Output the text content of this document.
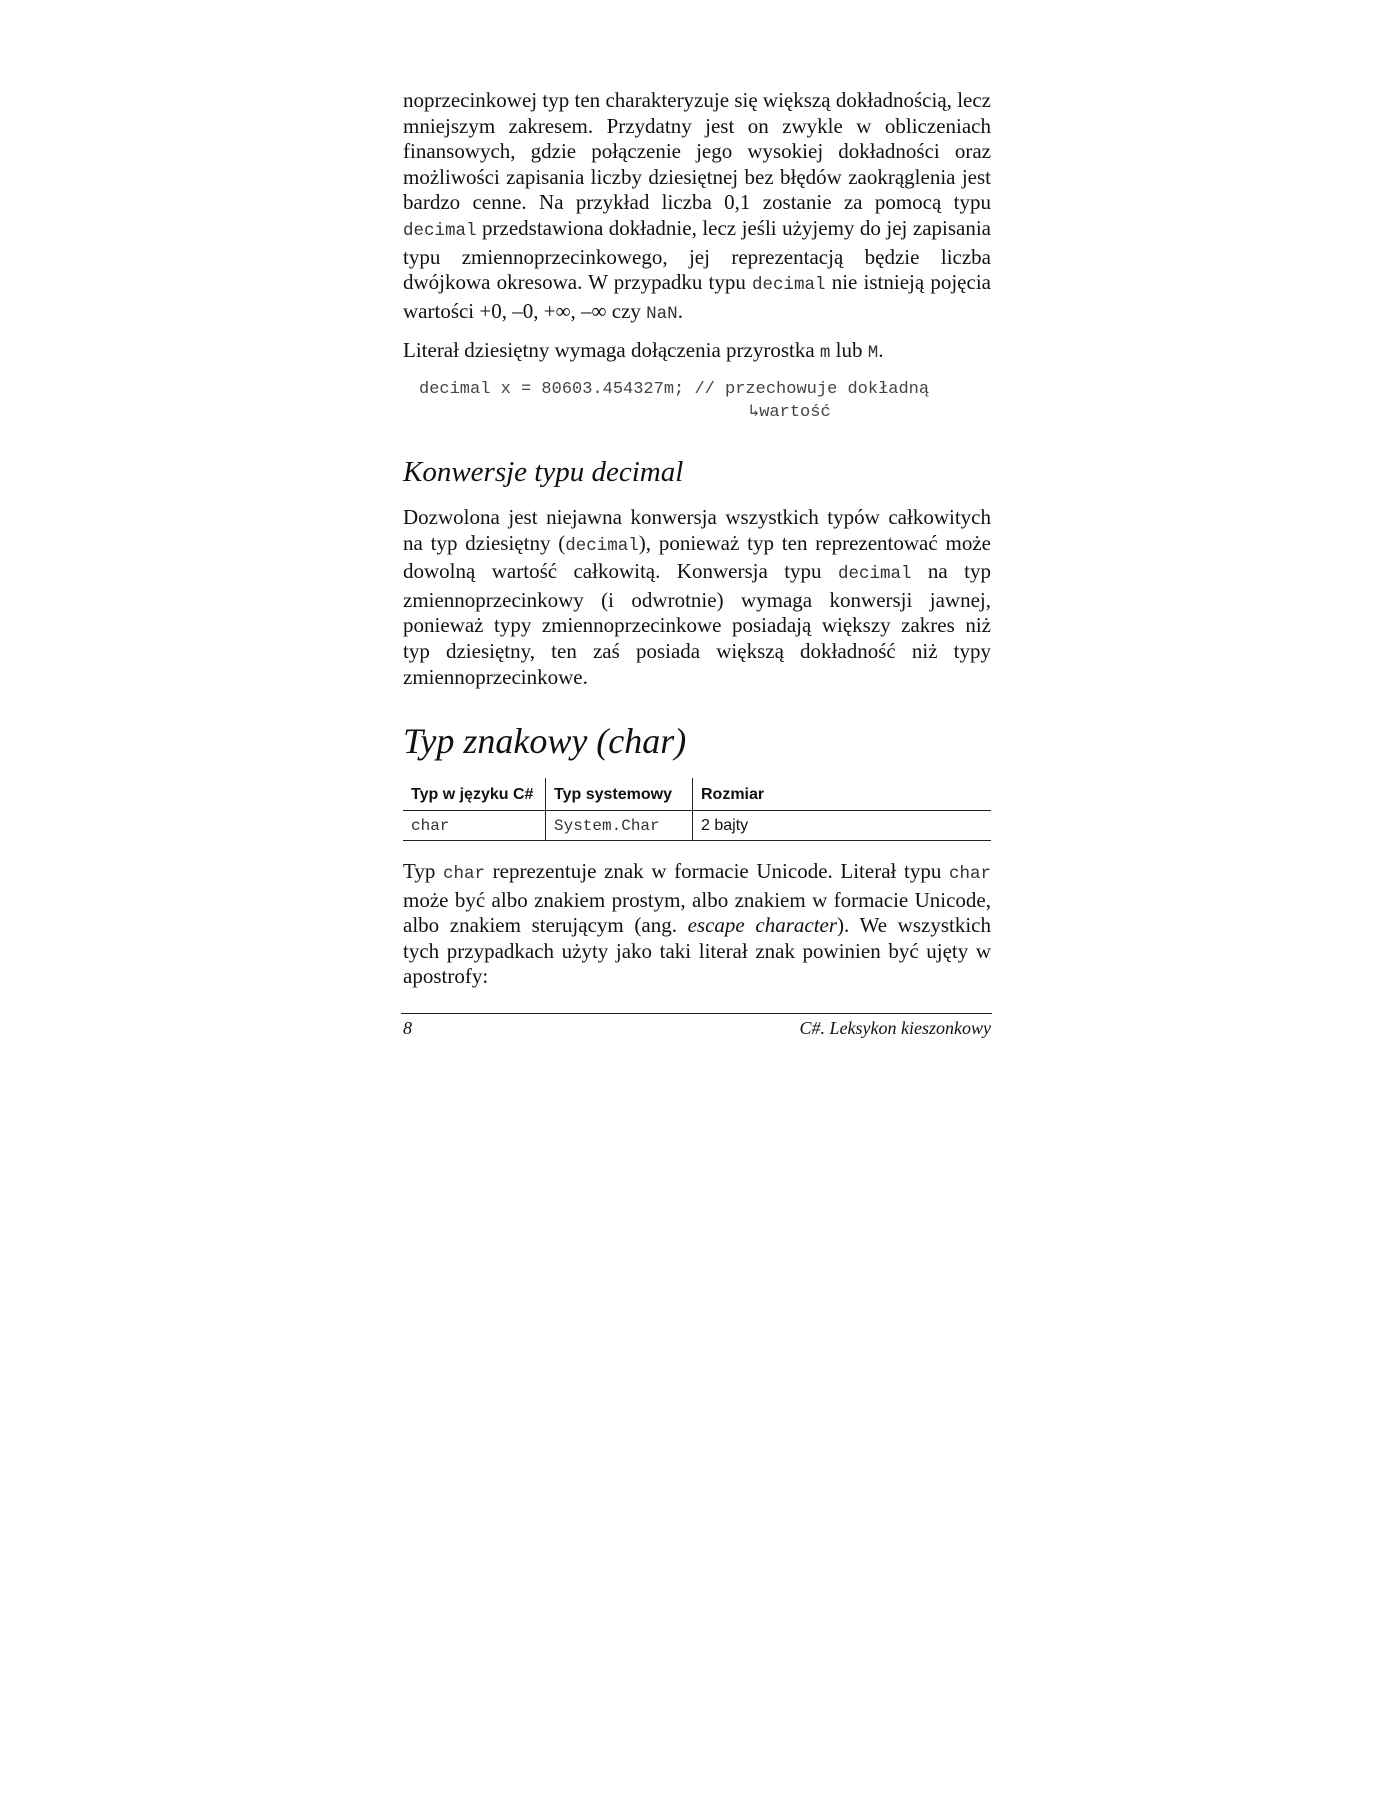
noprzecinkowej typ ten charakteryzuje się większą dokładnością, lecz mniejszym zakresem. Przydatny jest on zwykle w obliczeniach finansowych, gdzie połączenie jego wysokiej dokładności oraz możliwości zapisania liczby dziesiętnej bez błędów zaokrąglenia jest bardzo cenne. Na przykład liczba 0,1 zostanie za pomocą typu decimal przedstawiona dokładnie, lecz jeśli użyjemy do jej zapisania typu zmiennoprzecinkowego, jej reprezentacją będzie liczba dwójkowa okresowa. W przypadku typu decimal nie istnieją pojęcia wartości +0, –0, +∞, –∞ czy NaN.

Literał dziesiętny wymaga dołączenia przyrostka m lub M.

decimal x = 80603.454327m; // przechowuje dokładną
↳wartość
Konwersje typu decimal

Dozwolona jest niejawna konwersja wszystkich typów całkowitych na typ dziesiętny (decimal), ponieważ typ ten reprezentować może dowolną wartość całkowitą. Konwersja typu decimal na typ zmiennoprzecinkowy (i odwrotnie) wymaga konwersji jawnej, ponieważ typy zmiennoprzecinkowe posiadają większy zakres niż typ dziesiętny, ten zaś posiada większą dokładność niż typy zmiennoprzecinkowe.

Typ znakowy (char)
Typ w języku C#	Typ systemowy	Rozmiar
char	System.Char	2 bajty

Typ char reprezentuje znak w formacie Unicode. Literał typu char może być albo znakiem prostym, albo znakiem w formacie Unicode, albo znakiem sterującym (ang. escape character). We wszystkich tych przypadkach użyty jako taki literał znak powinien być ujęty w apostrofy:

8	C#. Leksykon kieszonkowy
